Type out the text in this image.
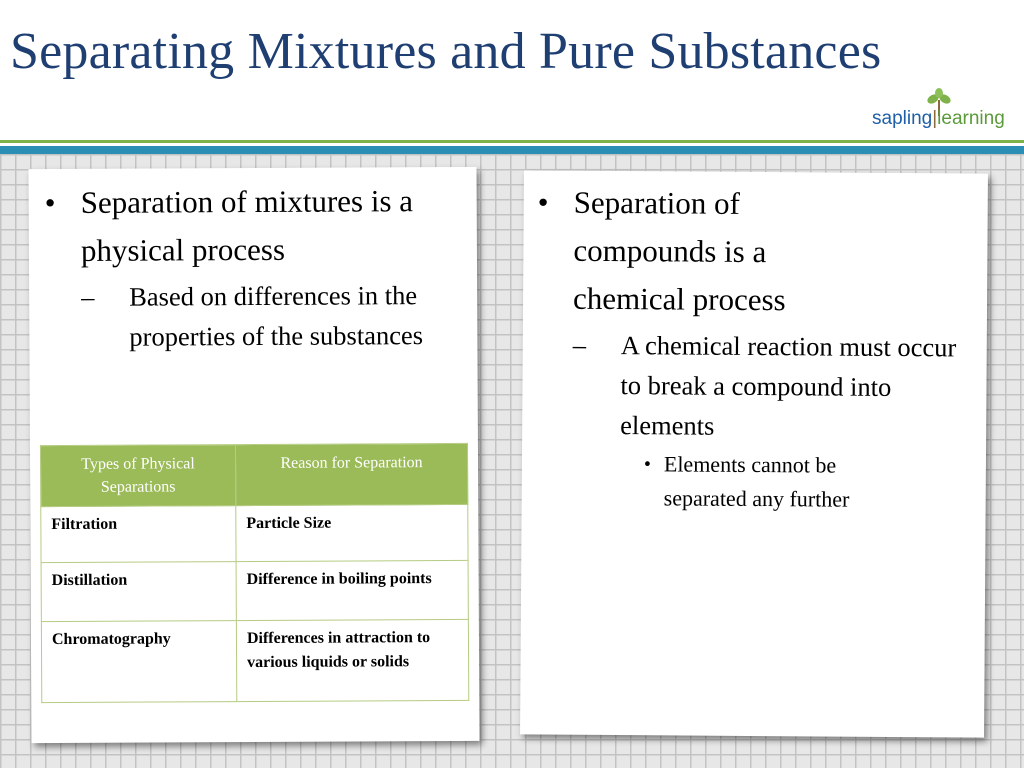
Separating Mixtures and Pure Substances
sapling|learning
• Separation of mixtures is a physical process
– Based on differences in the properties of the substances
Types of Physical Separations	Reason for Separation
Filtration	Particle Size
Distillation	Difference in boiling points
Chromatography	Differences in attraction to various liquids or solids
• Separation of compounds is a chemical process
– A chemical reaction must occur to break a compound into elements
• Elements cannot be separated any further
